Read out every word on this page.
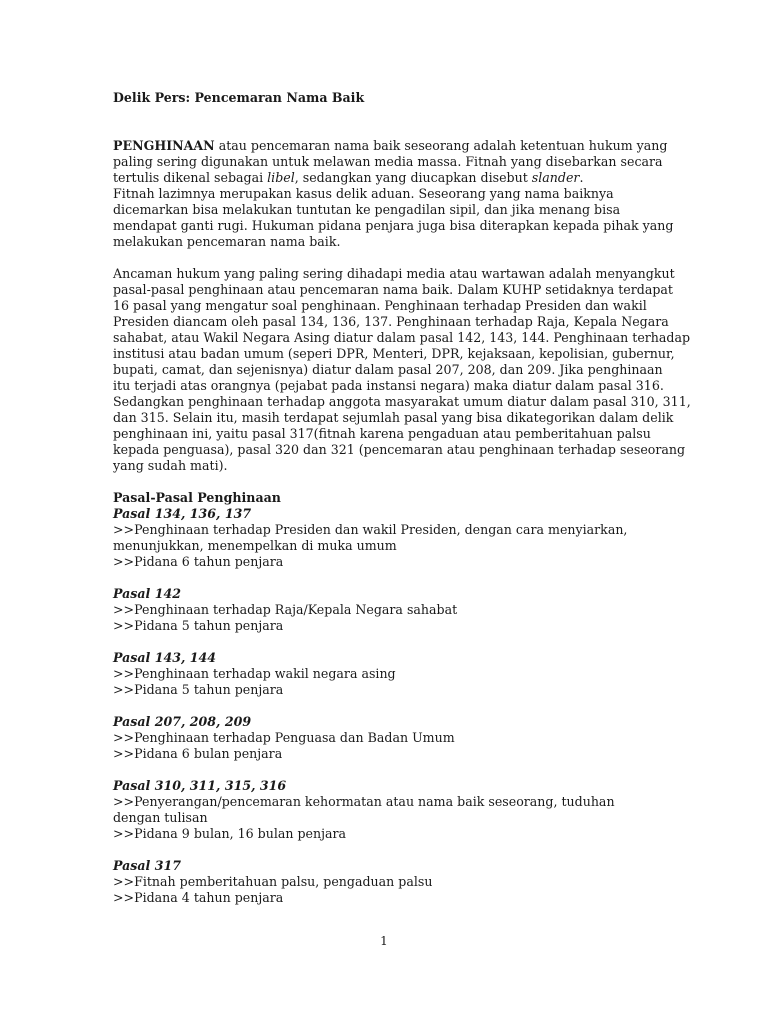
Delik Pers: Pencemaran Nama Baik
PENGHINAAN atau pencemaran nama baik seseorang adalah ketentuan hukum yang
paling sering digunakan untuk melawan media massa. Fitnah yang disebarkan secara
tertulis dikenal sebagai libel, sedangkan yang diucapkan disebut slander.
Fitnah lazimnya merupakan kasus delik aduan. Seseorang yang nama baiknya
dicemarkan bisa melakukan tuntutan ke pengadilan sipil, dan jika menang bisa
mendapat ganti rugi. Hukuman pidana penjara juga bisa diterapkan kepada pihak yang
melakukan pencemaran nama baik.
Ancaman hukum yang paling sering dihadapi media atau wartawan adalah menyangkut
pasal-pasal penghinaan atau pencemaran nama baik. Dalam KUHP setidaknya terdapat
16 pasal yang mengatur soal penghinaan. Penghinaan terhadap Presiden dan wakil
Presiden diancam oleh pasal 134, 136, 137. Penghinaan terhadap Raja, Kepala Negara
sahabat, atau Wakil Negara Asing diatur dalam pasal 142, 143, 144. Penghinaan terhadap
institusi atau badan umum (seperi DPR, Menteri, DPR, kejaksaan, kepolisian, gubernur,
bupati, camat, dan sejenisnya) diatur dalam pasal 207, 208, dan 209. Jika penghinaan
itu terjadi atas orangnya (pejabat pada instansi negara) maka diatur dalam pasal 316.
Sedangkan penghinaan terhadap anggota masyarakat umum diatur dalam pasal 310, 311,
dan 315. Selain itu, masih terdapat sejumlah pasal yang bisa dikategorikan dalam delik
penghinaan ini, yaitu pasal 317(fitnah karena pengaduan atau pemberitahuan palsu
kepada penguasa), pasal 320 dan 321 (pencemaran atau penghinaan terhadap seseorang
yang sudah mati).
Pasal-Pasal Penghinaan
Pasal 134, 136, 137
>>Penghinaan terhadap Presiden dan wakil Presiden, dengan cara menyiarkan,
menunjukkan, menempelkan di muka umum
>>Pidana 6 tahun penjara
Pasal 142
>>Penghinaan terhadap Raja/Kepala Negara sahabat
>>Pidana 5 tahun penjara
Pasal 143, 144
>>Penghinaan terhadap wakil negara asing
>>Pidana 5 tahun penjara
Pasal 207, 208, 209
>>Penghinaan terhadap Penguasa dan Badan Umum
>>Pidana 6 bulan penjara
Pasal 310, 311, 315, 316
>>Penyerangan/pencemaran kehormatan atau nama baik seseorang, tuduhan
dengan tulisan
>>Pidana 9 bulan, 16 bulan penjara
Pasal 317
>>Fitnah pemberitahuan palsu, pengaduan palsu
>>Pidana 4 tahun penjara
1
